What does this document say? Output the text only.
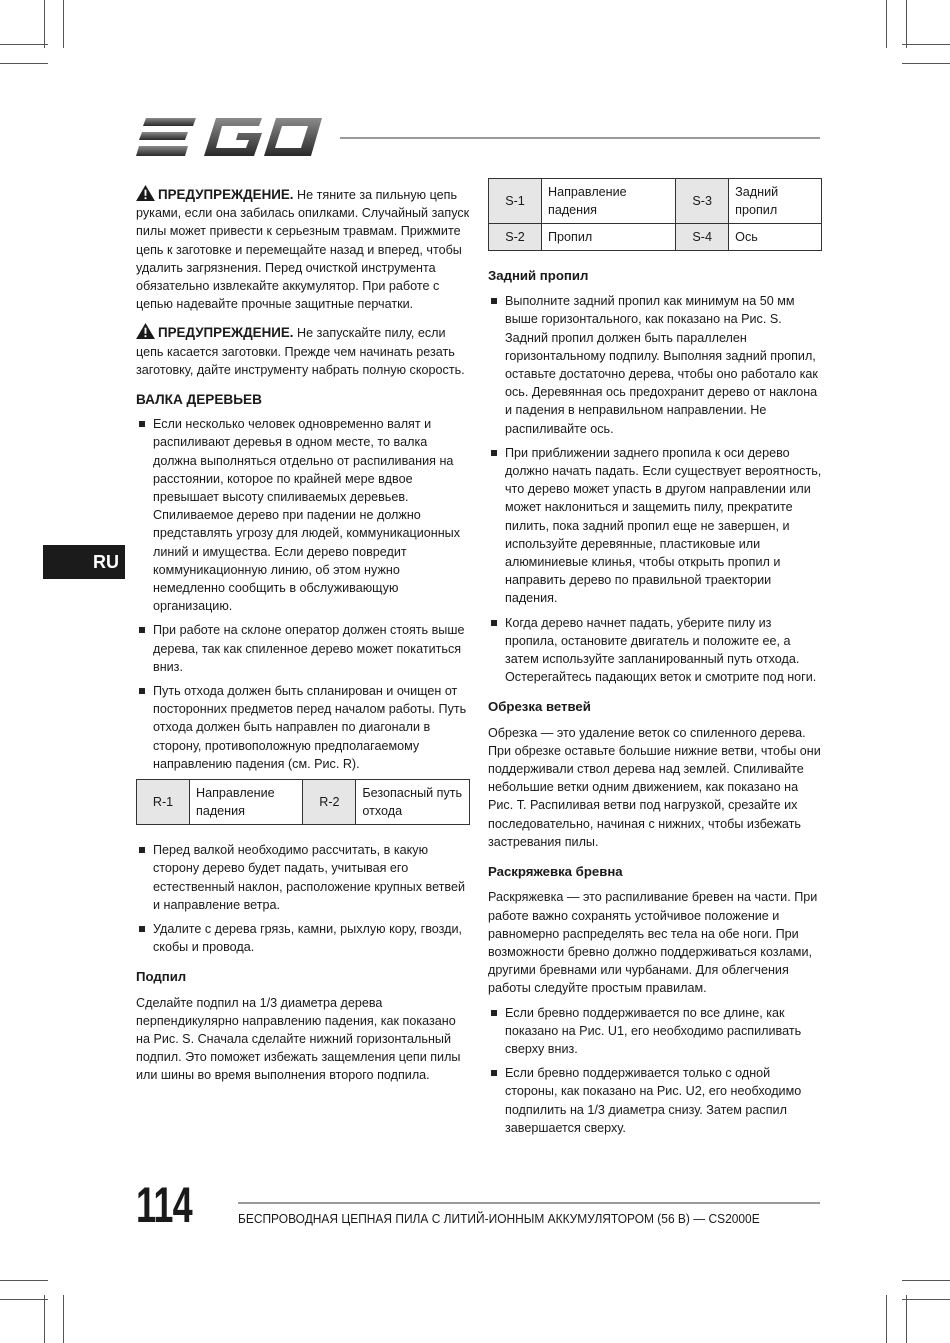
RU

ПРЕДУПРЕЖДЕНИЕ. Не тяните за пильную цепь руками, если она забилась опилками. Случайный запуск пилы может привести к серьезным травмам. Прижмите цепь к заготовке и перемещайте назад и вперед, чтобы удалить загрязнения. Перед очисткой инструмента обязательно извлекайте аккумулятор. При работе с цепью надевайте прочные защитные перчатки.

ПРЕДУПРЕЖДЕНИЕ. Не запускайте пилу, если цепь касается заготовки. Прежде чем начинать резать заготовку, дайте инструменту набрать полную скорость.

ВАЛКА ДЕРЕВЬЕВ
Если несколько человек одновременно валят и распиливают деревья в одном месте, то валка должна выполняться отдельно от распиливания на расстоянии, которое по крайней мере вдвое превышает высоту спиливаемых деревьев. Спиливаемое дерево при падении не должно представлять угрозу для людей, коммуникационных линий и имущества. Если дерево повредит коммуникационную линию, об этом нужно немедленно сообщить в обслуживающую организацию.
При работе на склоне оператор должен стоять выше дерева, так как спиленное дерево может покатиться вниз.
Путь отхода должен быть спланирован и очищен от посторонних предметов перед началом работы. Путь отхода должен быть направлен по диагонали в сторону, противоположную предполагаемому направлению падения (см. Рис. R).
R-1	Направление падения	R-2	Безопасный путь отхода
Перед валкой необходимо рассчитать, в какую сторону дерево будет падать, учитывая его естественный наклон, расположение крупных ветвей и направление ветра.
Удалите с дерева грязь, камни, рыхлую кору, гвозди, скобы и провода.
Подпил

Сделайте подпил на 1/3 диаметра дерева перпендикулярно направлению падения, как показано на Рис. S. Сначала сделайте нижний горизонтальный подпил. Это поможет избежать защемления цепи пилы или шины во время выполнения второго подпила.

S-1	Направление падения	S-3	Задний пропил
S-2	Пропил	S-4	Ось
Задний пропил
Выполните задний пропил как минимум на 50 мм выше горизонтального, как показано на Рис. S. Задний пропил должен быть параллелен горизонтальному подпилу. Выполняя задний пропил, оставьте достаточно дерева, чтобы оно работало как ось. Деревянная ось предохранит дерево от наклона и падения в неправильном направлении. Не распиливайте ось.
При приближении заднего пропила к оси дерево должно начать падать. Если существует вероятность, что дерево может упасть в другом направлении или может наклониться и защемить пилу, прекратите пилить, пока задний пропил еще не завершен, и используйте деревянные, пластиковые или алюминиевые клинья, чтобы открыть пропил и направить дерево по правильной траектории падения.
Когда дерево начнет падать, уберите пилу из пропила, остановите двигатель и положите ее, а затем используйте запланированный путь отхода. Остерегайтесь падающих веток и смотрите под ноги.
Обрезка ветвей

Обрезка — это удаление веток со спиленного дерева. При обрезке оставьте большие нижние ветви, чтобы они поддерживали ствол дерева над землей. Спиливайте небольшие ветки одним движением, как показано на Рис. T. Распиливая ветви под нагрузкой, срезайте их последовательно, начиная с нижних, чтобы избежать застревания пилы.

Раскряжевка бревна

Раскряжевка — это распиливание бревен на части. При работе важно сохранять устойчивое положение и равномерно распределять вес тела на обе ноги. При возможности бревно должно поддерживаться козлами, другими бревнами или чурбанами. Для облегчения работы следуйте простым правилам.

Если бревно поддерживается по все длине, как показано на Рис. U1, его необходимо распиливать сверху вниз.
Если бревно поддерживается только с одной стороны, как показано на Рис. U2, его необходимо подпилить на 1/3 диаметра снизу. Затем распил завершается сверху.
114	БЕСПРОВОДНАЯ ЦЕПНАЯ ПИЛА С ЛИТИЙ-ИОННЫМ АККУМУЛЯТОРОМ (56 В) — CS2000E
